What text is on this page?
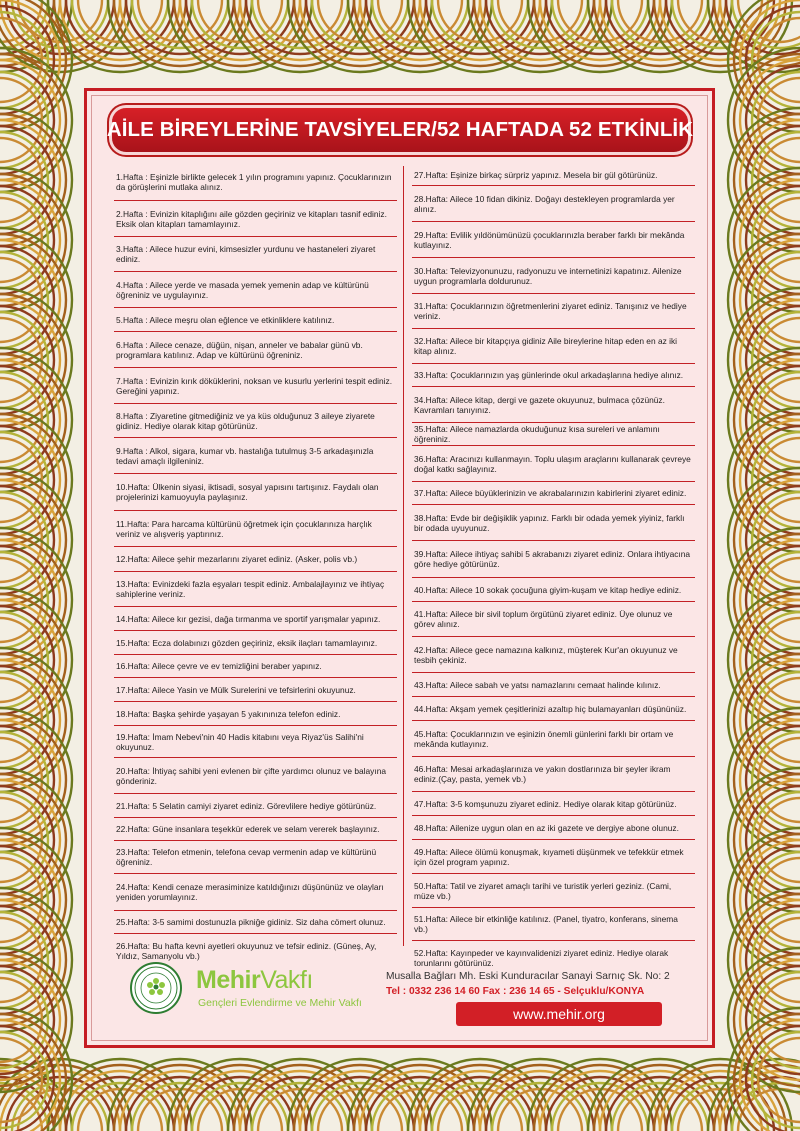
AİLE BİREYLERİNE TAVSİYELER/52 HAFTADA 52 ETKİNLİK
1.Hafta : Eşinizle birlikte gelecek 1 yılın programını yapınız. Çocuklarınızın da görüşlerini mutlaka alınız.
2.Hafta : Evinizin kitaplığını aile gözden geçiriniz ve kitapları tasnif ediniz. Eksik olan kitapları tamamlayınız.
3.Hafta : Ailece huzur evini, kimsesizler yurdunu ve hastaneleri ziyaret ediniz.
4.Hafta : Ailece yerde ve masada yemek yemenin adap ve kültürünü öğreniniz ve uygulayınız.
5.Hafta : Ailece meşru olan eğlence ve etkinliklere katılınız.
6.Hafta : Ailece cenaze, düğün, nişan, anneler ve babalar günü vb. programlara katılınız. Adap ve kültürünü öğreniniz.
7.Hafta : Evinizin kırık döküklerini, noksan ve kusurlu yerlerini tespit ediniz. Gereğini yapınız.
8.Hafta : Ziyaretine gitmediğiniz ve ya küs olduğunuz 3 aileye ziyarete gidiniz. Hediye olarak kitap götürünüz.
9.Hafta : Alkol, sigara, kumar vb. hastalığa tutulmuş 3-5 arkadaşınızla tedavi amaçlı ilgileniniz.
10.Hafta: Ülkenin siyasi, iktisadi, sosyal yapısını tartışınız. Faydalı olan projelerinizi kamuoyuyla paylaşınız.
11.Hafta: Para harcama kültürünü öğretmek için çocuklarınıza harçlık veriniz ve alışveriş yaptırınız.
12.Hafta: Ailece şehir mezarlarını ziyaret ediniz. (Asker, polis vb.)
13.Hafta: Evinizdeki fazla eşyaları tespit ediniz. Ambalajlayınız ve ihtiyaç sahiplerine veriniz.
14.Hafta: Ailece kır gezisi, dağa tırmanma ve sportif yarışmalar yapınız.
15.Hafta: Ecza dolabınızı gözden geçiriniz, eksik ilaçları tamamlayınız.
16.Hafta: Ailece çevre ve ev temizliğini beraber yapınız.
17.Hafta: Ailece Yasin ve Mülk Surelerini ve tefsirlerini okuyunuz.
18.Hafta: Başka şehirde yaşayan 5 yakınınıza telefon ediniz.
19.Hafta: İmam Nebevi'nin 40 Hadis kitabını veya Riyaz'üs Salihi'ni okuyunuz.
20.Hafta: İhtiyaç sahibi yeni evlenen bir çifte yardımcı olunuz ve balayına gönderiniz.
21.Hafta: 5 Selatin camiyi ziyaret ediniz. Görevlilere hediye götürünüz.
22.Hafta: Güne insanlara teşekkür ederek ve selam vererek başlayınız.
23.Hafta: Telefon etmenin, telefona cevap vermenin adap ve kültürünü öğreniniz.
24.Hafta: Kendi cenaze merasiminize katıldığınızı düşününüz ve olayları yeniden yorumlayınız.
25.Hafta: 3-5 samimi dostunuzla pikniğe gidiniz. Siz daha cömert olunuz.
26.Hafta: Bu hafta kevni ayetleri okuyunuz ve tefsir ediniz. (Güneş, Ay, Yıldız, Samanyolu vb.)
27.Hafta: Eşinize birkaç sürpriz yapınız. Mesela bir gül götürünüz.
28.Hafta: Ailece 10 fidan dikiniz. Doğayı destekleyen programlarda yer alınız.
29.Hafta: Evlilik yıldönümünüzü çocuklarınızla beraber farklı bir mekânda kutlayınız.
30.Hafta: Televizyonunuzu, radyonuzu ve internetinizi kapatınız. Ailenize uygun programlarla doldurunuz.
31.Hafta: Çocuklarınızın öğretmenlerini ziyaret ediniz. Tanışınız ve hediye veriniz.
32.Hafta: Ailece bir kitapçıya gidiniz Aile bireylerine hitap eden en az iki kitap alınız.
33.Hafta: Çocuklarınızın yaş günlerinde okul arkadaşlarına hediye alınız.
34.Hafta: Ailece kitap, dergi ve gazete okuyunuz, bulmaca çözünüz. Kavramları tanıyınız.
35.Hafta: Ailece namazlarda okuduğunuz kısa sureleri ve anlamını öğreniniz.
36.Hafta: Aracınızı kullanmayın. Toplu ulaşım araçlarını kullanarak çevreye doğal katkı sağlayınız.
37.Hafta: Ailece büyüklerinizin ve akrabalarınızın kabirlerini ziyaret ediniz.
38.Hafta: Evde bir değişiklik yapınız. Farklı bir odada yemek yiyiniz, farklı bir odada uyuyunuz.
39.Hafta: Ailece ihtiyaç sahibi 5 akrabanızı ziyaret ediniz. Onlara ihtiyacına göre hediye götürünüz.
40.Hafta: Ailece 10 sokak çocuğuna giyim-kuşam ve kitap hediye ediniz.
41.Hafta: Ailece bir sivil toplum örgütünü ziyaret ediniz. Üye olunuz ve görev alınız.
42.Hafta: Ailece gece namazına kalkınız, müşterek Kur'an okuyunuz ve tesbih çekiniz.
43.Hafta: Ailece sabah ve yatsı namazlarını cemaat halinde kılınız.
44.Hafta: Akşam yemek çeşitlerinizi azaltıp hiç bulamayanları düşününüz.
45.Hafta: Çocuklarınızın ve eşinizin önemli günlerini farklı bir ortam ve mekânda kutlayınız.
46.Hafta: Mesai arkadaşlarınıza ve yakın dostlarınıza bir şeyler ikram ediniz.(Çay, pasta, yemek vb.)
47.Hafta: 3-5 komşunuzu ziyaret ediniz. Hediye olarak kitap götürünüz.
48.Hafta: Ailenize uygun olan en az iki gazete ve dergiye abone olunuz.
49.Hafta: Ailece ölümü konuşmak, kıyameti düşünmek ve tefekkür etmek için özel program yapınız.
50.Hafta: Tatil ve ziyaret amaçlı tarihi ve turistik yerleri geziniz. (Cami, müze vb.)
51.Hafta: Ailece bir etkinliğe katılınız. (Panel, tiyatro, konferans, sinema vb.)
52.Hafta: Kayınpeder ve kayınvalidenizi ziyaret ediniz. Hediye olarak torunlarını götürünüz.
MehirVakfı
Gençleri Evlendirme ve Mehir Vakfı
Musalla Bağları Mh. Eski Kunduracılar Sanayi Sarnıç Sk. No: 2
Tel : 0332 236 14 60 Fax : 236 14 65 - Selçuklu/KONYA
www.mehir.org
